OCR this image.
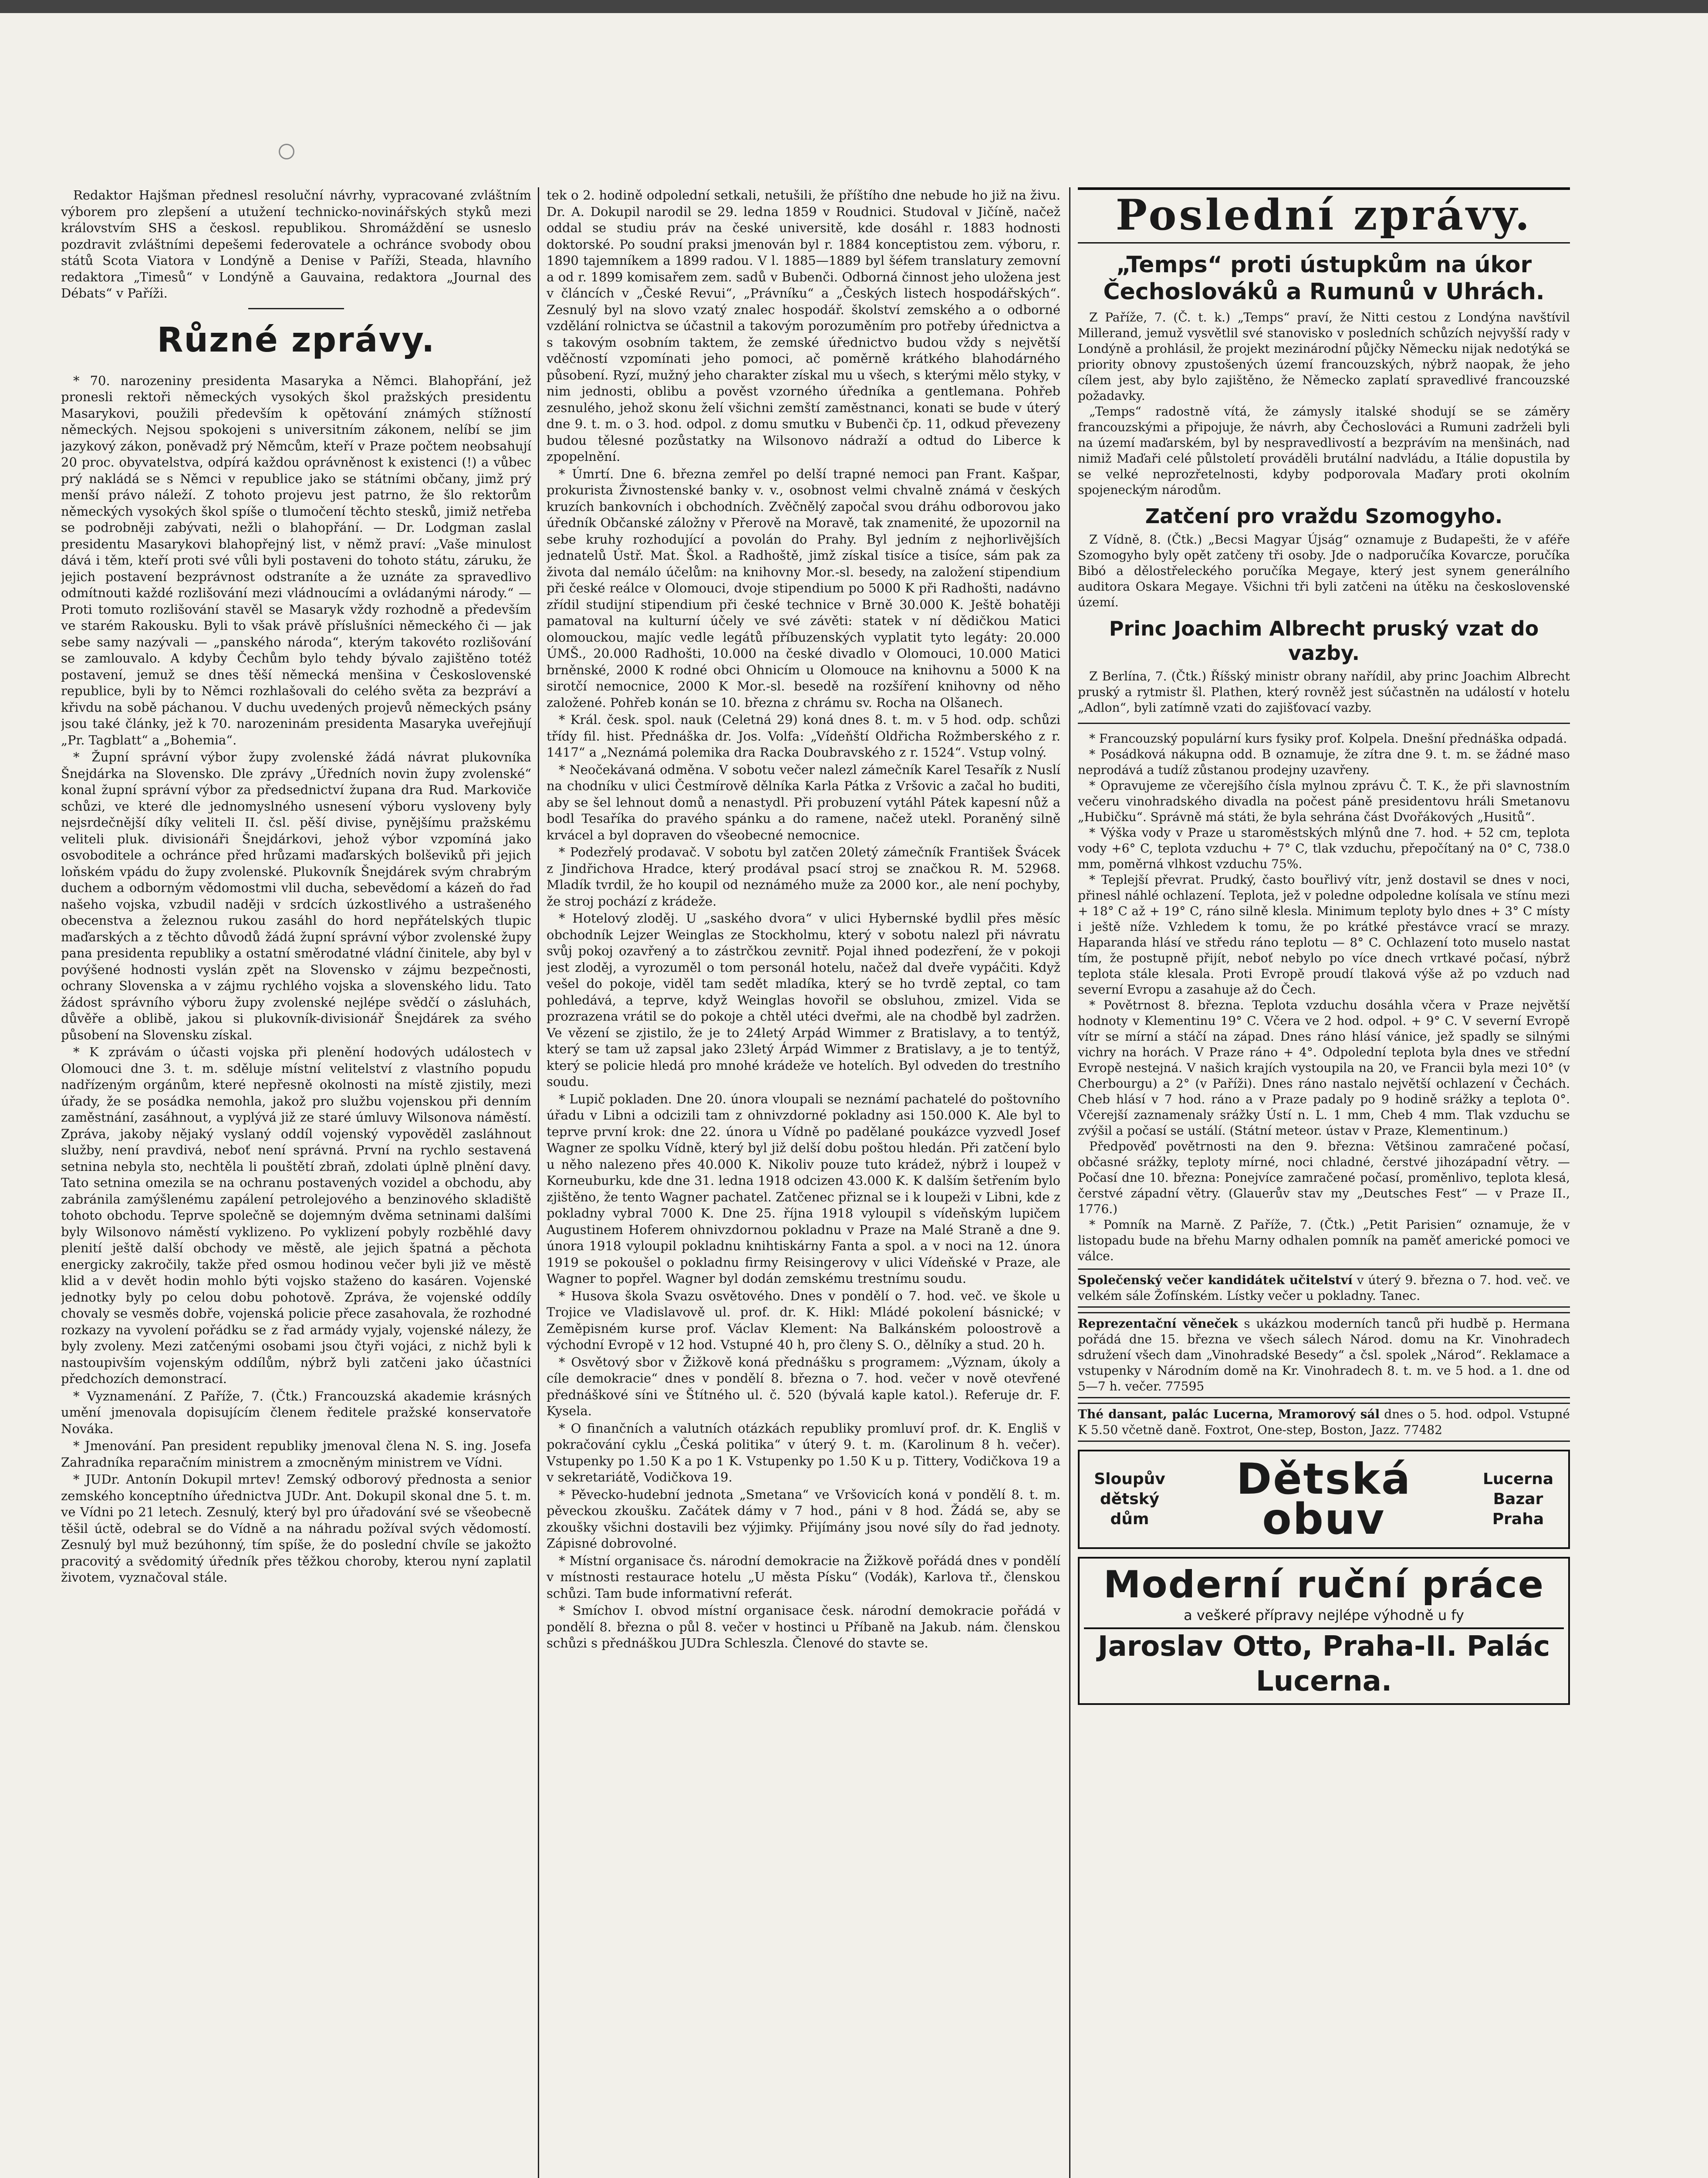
Redaktor Hajšman přednesl resoluční návrhy, vypracované zvláštním výborem pro zlepšení a utužení technicko-novinářských styků mezi královstvím SHS a českosl. republikou. Shromáždění se usneslo pozdravit zvláštními depešemi federovatele a ochránce svobody obou států Scota Viatora v Londýně a Denise v Paříži, Steada, hlavního redaktora „Timesů“ v Londýně a Gauvaina, redaktora „Journal des Débats“ v Paříži.

Různé zprávy.

* 70. narozeniny presidenta Masaryka a Němci. Blahopřání, jež pronesli rektoři německých vysokých škol pražských presidentu Masarykovi, použili především k opětování známých stížností německých. Nejsou spokojeni s universitním zákonem, nelíbí se jim jazykový zákon, poněvadž prý Němcům, kteří v Praze počtem neobsahují 20 proc. obyvatelstva, odpírá každou oprávněnost k existenci (!) a vůbec prý nakládá se s Němci v republice jako se státními občany, jimž prý menší právo náleží. Z tohoto projevu jest patrno, že šlo rektorům německých vysokých škol spíše o tlumočení těchto stesků, jimiž netřeba se podrobněji zabývati, nežli o blahopřání. — Dr. Lodgman zaslal presidentu Masarykovi blahopřejný list, v němž praví: „Vaše minulost dává i těm, kteří proti své vůli byli postaveni do tohoto státu, záruku, že jejich postavení bezprávnost odstraníte a že uznáte za spravedlivo odmítnouti každé rozlišování mezi vládnoucími a ovládanými národy.“ — Proti tomuto rozlišování stavěl se Masaryk vždy rozhodně a především ve starém Rakousku. Byli to však právě příslušníci německého či — jak sebe samy nazývali — „panského národa“, kterým takovéto rozlišování se zamlouvalo. A kdyby Čechům bylo tehdy bývalo zajištěno totéž postavení, jemuž se dnes těší německá menšina v Československé republice, byli by to Němci rozhlašovali do celého světa za bezpráví a křivdu na sobě páchanou. V duchu uvedených projevů německých psány jsou také články, jež k 70. narozeninám presidenta Masaryka uveřejňují „Pr. Tagblatt“ a „Bohemia“.

* Župní správní výbor župy zvolenské žádá návrat plukovníka Šnejdárka na Slovensko. Dle zprávy „Úředních novin župy zvolenské“ konal župní správní výbor za předsednictví župana dra Rud. Markoviče schůzi, ve které dle jednomyslného usnesení výboru vysloveny byly nejsrdečnější díky veliteli II. čsl. pěší divise, pynějšímu pražskému veliteli pluk. divisionáři Šnejdárkovi, jehož výbor vzpomíná jako osvoboditele a ochránce před hrůzami maďarských bolševiků při jejich loňském vpádu do župy zvolenské. Plukovník Šnejdárek svým chrabrým duchem a odborným vědomostmi vlil ducha, sebevědomí a kázeň do řad našeho vojska, vzbudil naději v srdcích úzkostlivého a ustrašeného obecenstva a železnou rukou zasáhl do hord nepřátelských tlupic maďarských a z těchto důvodů žádá župní správní výbor zvolenské župy pana presidenta republiky a ostatní směrodatné vládní činitele, aby byl v povýšené hodnosti vyslán zpět na Slovensko v zájmu bezpečnosti, ochrany Slovenska a v zájmu rychlého vojska a slovenského lidu. Tato žádost správního výboru župy zvolenské nejlépe svědčí o zásluhách, důvěře a oblibě, jakou si plukovník-divisionář Šnejdárek za svého působení na Slovensku získal.

* K zprávám o účasti vojska při plenění hodových událostech v Olomouci dne 3. t. m. sděluje místní velitelství z vlastního popudu nadřízeným orgánům, které nepřesně okolnosti na místě zjistily, mezi úřady, že se posádka nemohla, jakož pro službu vojenskou při denním zaměstnání, zasáhnout, a vyplývá již ze staré úmluvy Wilsonova náměstí. Zpráva, jakoby nějaký vyslaný oddíl vojenský vypověděl zasláhnout služby, není pravdivá, neboť není správná. První na rychlo sestavená setnina nebyla sto, nechtěla li pouštětí zbraň, zdolati úplně plnění davy. Tato setnina omezila se na ochranu postavených vozidel a obchodu, aby zabránila zamýšlenému zapálení petrolejového a benzinového skladiště tohoto obchodu. Teprve společně se dojemným dvěma setninami dalšími byly Wilsonovo náměstí vyklizeno. Po vyklizení pobyly rozběhlé davy plenití ještě další obchody ve městě, ale jejich špatná a pěchota energicky zakročily, takže před osmou hodinou večer byli již ve městě klid a v devět hodin mohlo býti vojsko staženo do kasáren. Vojenské jednotky byly po celou dobu pohotově. Zpráva, že vojenské oddíly chovaly se vesměs dobře, vojenská policie přece zasahovala, že rozhodné rozkazy na vyvolení pořádku se z řad armády vyjaly, vojenské nálezy, že byly zvoleny. Mezi zatčenými osobami jsou čtyři vojáci, z nichž byli k nastoupivším vojenským oddílům, nýbrž byli zatčeni jako účastníci předchozích demonstrací.

* Vyznamenání. Z Paříže, 7. (Čtk.) Francouzská akademie krásných umění jmenovala dopisujícím členem ředitele pražské konservatoře Nováka.

* Jmenování. Pan president republiky jmenoval člena N. S. ing. Josefa Zahradníka reparačním ministrem a zmocněným ministrem ve Vídni.

* JUDr. Antonín Dokupil mrtev! Zemský odborový přednosta a senior zemského konceptního úřednictva JUDr. Ant. Dokupil skonal dne 5. t. m. ve Vídni po 21 letech. Zesnulý, který byl pro úřadování své se všeobecně těšil úctě, odebral se do Vídně a na náhradu požíval svých vědomostí. Zesnulý byl muž bezúhonný, tím spíše, že do poslední chvíle se jakožto pracovitý a svědomitý úředník přes těžkou choroby, kterou nyní zaplatil životem, vyznačoval stále.

tek o 2. hodině odpolední setkali, netušili, že příštího dne nebude ho již na živu. Dr. A. Dokupil narodil se 29. ledna 1859 v Roudnici. Studoval v Jičíně, načež oddal se studiu práv na české universitě, kde dosáhl r. 1883 hodnosti doktorské. Po soudní praksi jmenován byl r. 1884 konceptistou zem. výboru, r. 1890 tajemníkem a 1899 radou. V l. 1885—1889 byl šéfem translatury zemovní a od r. 1899 komisařem zem. sadů v Bubenči. Odborná činnost jeho uložena jest v článcích v „České Revui“, „Právníku“ a „Českých listech hospodářských“. Zesnulý byl na slovo vzatý znalec hospodář. školství zemského a o odborné vzdělání rolnictva se účastnil a takovým porozuměním pro potřeby úřednictva a s takovým osobním taktem, že zemské úřednictvo budou vždy s největší vděčností vzpomínati jeho pomoci, ač poměrně krátkého blahodárného působení. Ryzí, mužný jeho charakter získal mu u všech, s kterými mělo styky, v nim jednosti, oblibu a pověst vzorného úředníka a gentlemana. Pohřeb zesnulého, jehož skonu želí všichni zemští zaměstnanci, konati se bude v úterý dne 9. t. m. o 3. hod. odpol. z domu smutku v Bubenči čp. 11, odkud převezeny budou tělesné pozůstatky na Wilsonovo nádraží a odtud do Liberce k zpopelnění.

* Úmrtí. Dne 6. března zemřel po delší trapné nemoci pan Frant. Kašpar, prokurista Živnostenské banky v. v., osobnost velmi chvalně známá v českých kruzích bankovních i obchodních. Zvěčnělý započal svou dráhu odborovou jako úředník Občanské záložny v Přerově na Moravě, tak znamenité, že upozornil na sebe kruhy rozhodující a povolán do Prahy. Byl jedním z nejhorlivějších jednatelů Ústř. Mat. Škol. a Radhoště, jimž získal tisíce a tisíce, sám pak za života dal nemálo účelům: na knihovny Mor.-sl. besedy, na založení stipendium při české reálce v Olomouci, dvoje stipendium po 5000 K při Radhošti, nadávno zřídil studijní stipendium při české technice v Brně 30.000 K. Ještě bohatěji pamatoval na kulturní účely ve své závěti: statek v ní dědičkou Matici olomouckou, majíc vedle legátů příbuzenských vyplatit tyto legáty: 20.000 ÚMŠ., 20.000 Radhošti, 10.000 na české divadlo v Olomouci, 10.000 Matici brněnské, 2000 K rodné obci Ohnicím u Olomouce na knihovnu a 5000 K na sirotčí nemocnice, 2000 K Mor.-sl. besedě na rozšíření knihovny od něho založené. Pohřeb konán se 10. března z chrámu sv. Rocha na Olšanech.

* Král. česk. spol. nauk (Celetná 29) koná dnes 8. t. m. v 5 hod. odp. schůzi třídy fil. hist. Přednáška dr. Jos. Volfa: „Vídeňští Oldřicha Rožmberského z r. 1417“ a „Neznámá polemika dra Racka Doubravského z r. 1524“. Vstup volný.

* Neočekávaná odměna. V sobotu večer nalezl zámečník Karel Tesařík z Nuslí na chodníku v ulici Čestmírově dělníka Karla Pátka z Vršovic a začal ho buditi, aby se šel lehnout domů a nenastydl. Při probuzení vytáhl Pátek kapesní nůž a bodl Tesaříka do pravého spánku a do ramene, načež utekl. Poraněný silně krvácel a byl dopraven do všeobecné nemocnice.

* Podezřelý prodavač. V sobotu byl zatčen 20letý zámečník František Švácek z Jindřichova Hradce, který prodával psací stroj se značkou R. M. 52968. Mladík tvrdil, že ho koupil od neznámého muže za 2000 kor., ale není pochyby, že stroj pochází z krádeže.

* Hotelový zloděj. U „saského dvora“ v ulici Hybernské bydlil přes měsíc obchodník Lejzer Weinglas ze Stockholmu, který v sobotu nalezl při návratu svůj pokoj ozavřený a to zástrčkou zevnitř. Pojal ihned podezření, že v pokoji jest zloděj, a vyrozuměl o tom personál hotelu, načež dal dveře vypáčiti. Když vešel do pokoje, viděl tam sedět mladíka, který se ho tvrdě zeptal, co tam pohledává, a teprve, když Weinglas hovořil se obsluhou, zmizel. Vida se prozrazena vrátil se do pokoje a chtěl utéci dveřmi, ale na chodbě byl zadržen. Ve vězení se zjistilo, že je to 24letý Arpád Wimmer z Bratislavy, a to tentýž, který se tam už zapsal jako 23letý Árpád Wimmer z Bratislavy, a je to tentýž, který se policie hledá pro mnohé krádeže ve hotelích. Byl odveden do trestního soudu.

* Lupič pokladen. Dne 20. února vloupali se neznámí pachatelé do poštovního úřadu v Libni a odcizili tam z ohnivzdorné pokladny asi 150.000 K. Ale byl to teprve první krok: dne 22. února u Vídně po padělané poukázce vyzvedl Josef Wagner ze spolku Vídně, který byl již delší dobu poštou hledán. Při zatčení bylo u něho nalezeno přes 40.000 K. Nikoliv pouze tuto krádež, nýbrž i loupež v Korneuburku, kde dne 31. ledna 1918 odcizen 43.000 K. K dalším šetřením bylo zjištěno, že tento Wagner pachatel. Zatčenec přiznal se i k loupeži v Libni, kde z pokladny vybral 7000 K. Dne 25. října 1918 vyloupil s vídeňským lupičem Augustinem Hoferem ohnivzdornou pokladnu v Praze na Malé Straně a dne 9. února 1918 vyloupil pokladnu knihtiskárny Fanta a spol. a v noci na 12. února 1919 se pokoušel o pokladnu firmy Reisingerovy v ulici Vídeňské v Praze, ale Wagner to popřel. Wagner byl dodán zemskému trestnímu soudu.

* Husova škola Svazu osvětového. Dnes v pondělí o 7. hod. več. ve škole u Trojice ve Vladislavově ul. prof. dr. K. Hikl: Mládé pokolení básnické; v Zeměpisném kurse prof. Václav Klement: Na Balkánském poloostrově a východní Evropě v 12 hod. Vstupné 40 h, pro členy S. O., dělníky a stud. 20 h.

* Osvětový sbor v Žižkově koná přednášku s programem: „Význam, úkoly a cíle demokracie“ dnes v pondělí 8. března o 7. hod. večer v nově otevřené přednáškové síni ve Štítného ul. č. 520 (bývalá kaple katol.). Referuje dr. F. Kysela.

* O finančních a valutních otázkách republiky promluví prof. dr. K. Engliš v pokračování cyklu „Česká politika“ v úterý 9. t. m. (Karolinum 8 h. večer). Vstupenky po 1.50 K a po 1 K. Vstupenky po 1.50 K u p. Tittery, Vodičkova 19 a v sekretariátě, Vodičkova 19.

* Pěvecko-hudební jednota „Smetana“ ve Vršovicích koná v pondělí 8. t. m. pěveckou zkoušku. Začátek dámy v 7 hod., páni v 8 hod. Žádá se, aby se zkoušky všichni dostavili bez výjimky. Přijímány jsou nové síly do řad jednoty. Zápisné dobrovolné.

* Místní organisace čs. národní demokracie na Žižkově pořádá dnes v pondělí v místnosti restaurace hotelu „U města Písku“ (Vodák), Karlova tř., členskou schůzi. Tam bude informativní referát.

* Smíchov I. obvod místní organisace česk. národní demokracie pořádá v pondělí 8. března o půl 8. večer v hostinci u Příbaně na Jakub. nám. členskou schůzi s přednáškou JUDra Schleszla. Členové do stavte se.

Poslední zprávy.
„Temps“ proti ústupkům na úkor Čechoslováků a Rumunů v Uhrách.

Z Paříže, 7. (Č. t. k.) „Temps“ praví, že Nitti cestou z Londýna navštívil Millerand, jemuž vysvětlil své stanovisko v posledních schůzích nejvyšší rady v Londýně a prohlásil, že projekt mezinárodní půjčky Německu nijak nedotýká se priority obnovy zpustošených území francouzských, nýbrž naopak, že jeho cílem jest, aby bylo zajištěno, že Německo zaplatí spravedlivé francouzské požadavky.

„Temps“ radostně vítá, že zámysly italské shodují se se záměry francouzskými a připojuje, že návrh, aby Čechoslováci a Rumuni zadrželi byli na území maďarském, byl by nespravedlivostí a bezprávím na menšinách, nad nimiž Maďaři celé půlstoletí prováděli brutální nadvládu, a Itálie dopustila by se velké neprozřetelnosti, kdyby podporovala Maďary proti okolním spojeneckým národům.

Zatčení pro vraždu Szomogyho.

Z Vídně, 8. (Čtk.) „Becsi Magyar Újság“ oznamuje z Budapešti, že v aféře Szomogyho byly opět zatčeny tři osoby. Jde o nadporučíka Kovarcze, poručíka Bibó a dělostřeleckého poručíka Megaye, který jest synem generálního auditora Oskara Megaye. Všichni tři byli zatčeni na útěku na československé území.

Princ Joachim Albrecht pruský vzat do vazby.

Z Berlína, 7. (Čtk.) Říšský ministr obrany nařídil, aby princ Joachim Albrecht pruský a rytmistr šl. Plathen, který rovněž jest súčastněn na událostí v hotelu „Adlon“, byli zatímně vzati do zajišťovací vazby.

* Francouzský populární kurs fysiky prof. Kolpela. Dnešní přednáška odpadá.

* Posádková nákupna odd. B oznamuje, že zítra dne 9. t. m. se žádné maso neprodává a tudíž zůstanou prodejny uzavřeny.

* Opravujeme ze včerejšího čísla mylnou zprávu Č. T. K., že při slavnostním večeru vinohradského divadla na počest páně presidentovu hráli Smetanovu „Hubičku“. Správně má státi, že byla sehrána část Dvořákových „Husitů“.

* Výška vody v Praze u staroměstských mlýnů dne 7. hod. + 52 cm, teplota vody +6° C, teplota vzduchu + 7° C, tlak vzduchu, přepočítaný na 0° C, 738.0 mm, poměrná vlhkost vzduchu 75%.

* Teplejší převrat. Prudký, často bouřlivý vítr, jenž dostavil se dnes v noci, přinesl náhlé ochlazení. Teplota, jež v poledne odpoledne kolísala ve stínu mezi + 18° C až + 19° C, ráno silně klesla. Minimum teploty bylo dnes + 3° C místy i ještě níže. Vzhledem k tomu, že po krátké přestávce vrací se mrazy. Haparanda hlásí ve středu ráno teplotu — 8° C. Ochlazení toto muselo nastat tím, že postupně přijít, neboť nebylo po více dnech vrtkavé počasí, nýbrž teplota stále klesala. Proti Evropě proudí tlaková výše až po vzduch nad severní Evropu a zasahuje až do Čech.

* Povětrnost 8. března. Teplota vzduchu dosáhla včera v Praze největší hodnoty v Klementinu 19° C. Včera ve 2 hod. odpol. + 9° C. V severní Evropě vítr se mírní a stáčí na západ. Dnes ráno hlásí vánice, jež spadly se silnými vichry na horách. V Praze ráno + 4°. Odpolední teplota byla dnes ve střední Evropě nestejná. V našich krajích vystoupila na 20, ve Francii byla mezi 10° (v Cherbourgu) a 2° (v Paříži). Dnes ráno nastalo největší ochlazení v Čechách. Cheb hlásí v 7 hod. ráno a v Praze padaly po 9 hodině srážky a teplota 0°. Včerejší zaznamenaly srážky Ústí n. L. 1 mm, Cheb 4 mm. Tlak vzduchu se zvýšil a počasí se ustálí. (Státní meteor. ústav v Praze, Klementinum.)

Předpověď povětrnosti na den 9. března: Většinou zamračené počasí, občasné srážky, teploty mírné, noci chladné, čerstvé jihozápadní větry. — Počasí dne 10. března: Ponejvíce zamračené počasí, proměnlivo, teplota klesá, čerstvé západní větry. (Glauerův stav my „Deutsches Fest“ — v Praze II., 1776.)

* Pomník na Marně. Z Paříže, 7. (Čtk.) „Petit Parisien“ oznamuje, že v listopadu bude na břehu Marny odhalen pomník na paměť americké pomoci ve válce.

Společenský večer kandidátek učitelství v úterý 9. března o 7. hod. več. ve velkém sále Žofínském. Lístky večer u pokladny. Tanec.

Reprezentační věneček s ukázkou moderních tanců při hudbě p. Hermana pořádá dne 15. března ve všech sálech Národ. domu na Kr. Vinohradech sdružení všech dam „Vinohradské Besedy“ a čsl. spolek „Národ“. Reklamace a vstupenky v Národním domě na Kr. Vinohradech 8. t. m. ve 5 hod. a 1. dne od 5—7 h. večer. 77595

Thé dansant, palác Lucerna, Mramorový sál dnes o 5. hod. odpol. Vstupné K 5.50 včetně daně. Foxtrot, One-step, Boston, Jazz. 77482

Sloupův dětský dům
Dětská
obuv
Lucerna Bazar Praha
Moderní ruční práce
a veškeré přípravy nejlépe výhodně u fy
Jaroslav Otto, Praha-II. Palác Lucerna.
